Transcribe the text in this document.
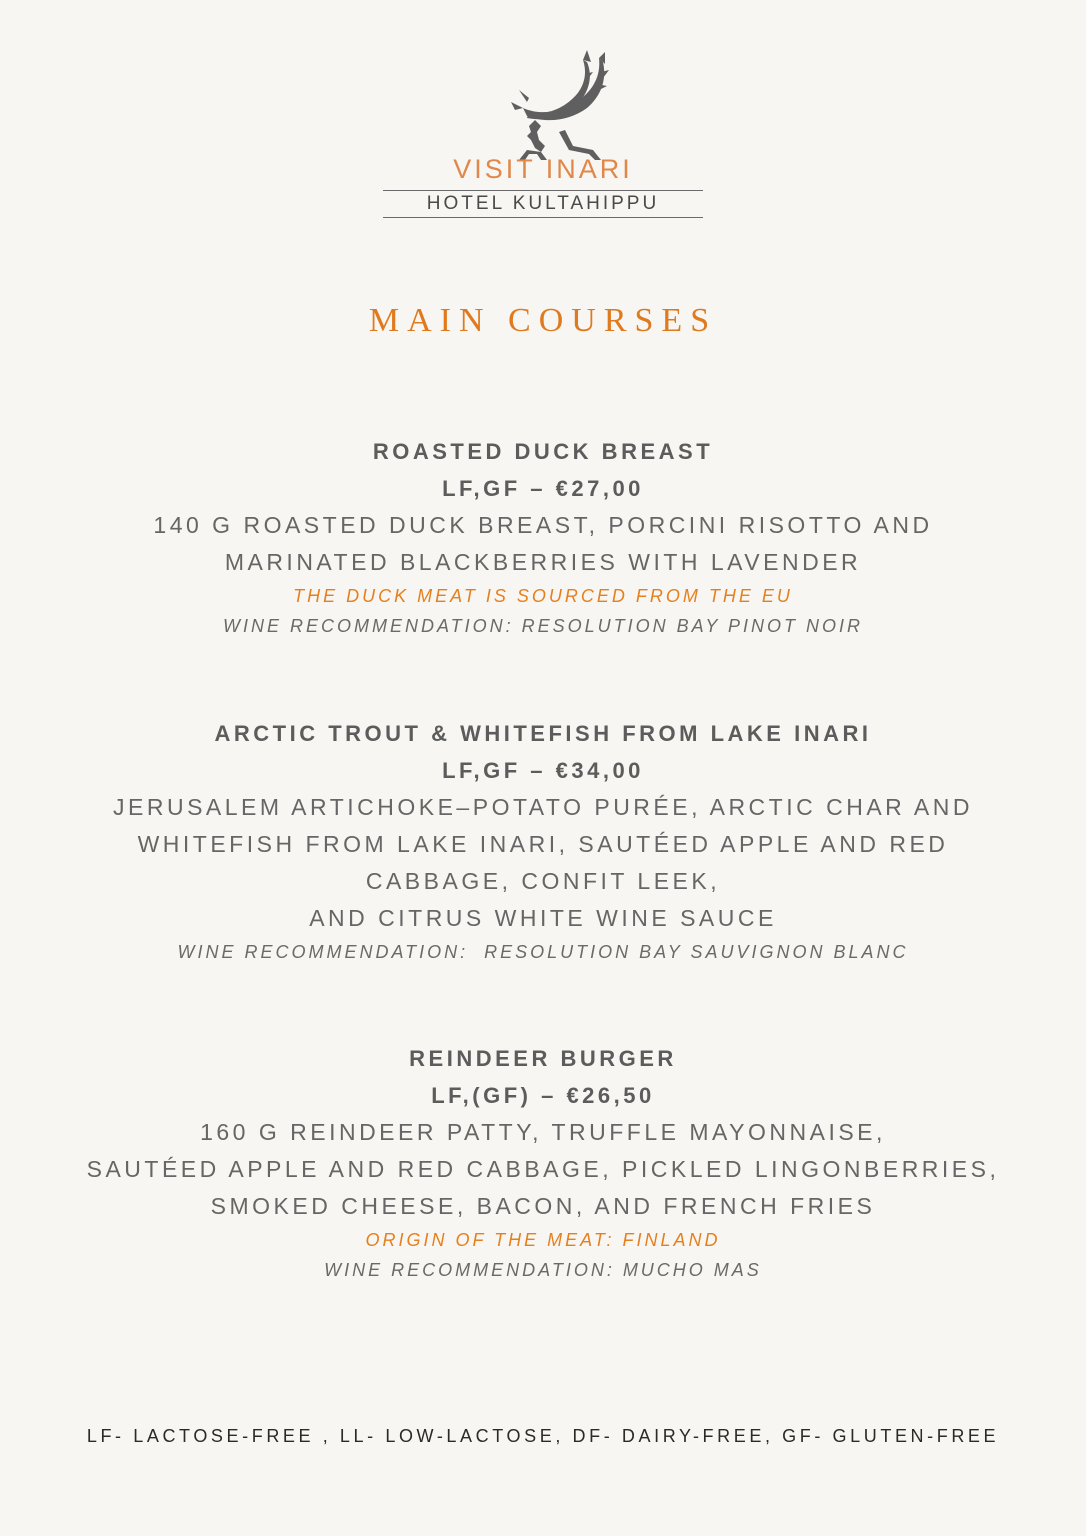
VISIT INARI
HOTEL KULTAHIPPU
MAIN COURSES
ROASTED DUCK BREAST
LF,GF – €27,00
140 G ROASTED DUCK BREAST, PORCINI RISOTTO AND
MARINATED BLACKBERRIES WITH LAVENDER
THE DUCK MEAT IS SOURCED FROM THE EU
WINE RECOMMENDATION: RESOLUTION BAY PINOT NOIR
ARCTIC TROUT & WHITEFISH FROM LAKE INARI
LF,GF – €34,00
JERUSALEM ARTICHOKE–POTATO PURÉE, ARCTIC CHAR AND
WHITEFISH FROM LAKE INARI, SAUTÉED APPLE AND RED
CABBAGE, CONFIT LEEK,
AND CITRUS WHITE WINE SAUCE
WINE RECOMMENDATION:  RESOLUTION BAY SAUVIGNON BLANC
REINDEER BURGER
LF,(GF) – €26,50
160 G REINDEER PATTY, TRUFFLE MAYONNAISE,
SAUTÉED APPLE AND RED CABBAGE, PICKLED LINGONBERRIES,
SMOKED CHEESE, BACON, AND FRENCH FRIES
ORIGIN OF THE MEAT: FINLAND
WINE RECOMMENDATION: MUCHO MAS
LF- LACTOSE-FREE , LL- LOW-LACTOSE, DF- DAIRY-FREE, GF- GLUTEN-FREE
